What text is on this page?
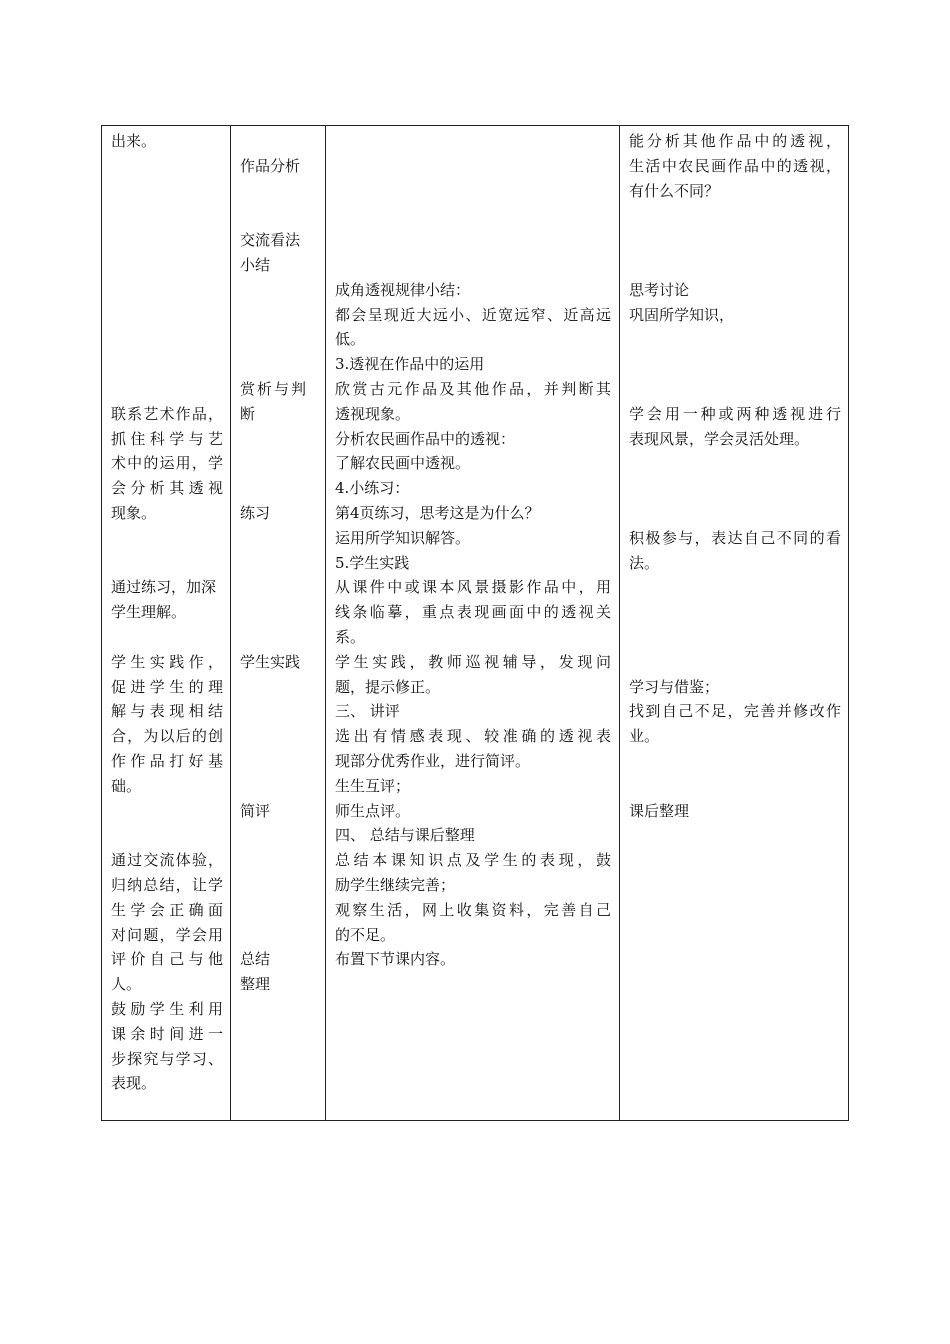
出来。
联系艺术作品，
抓住科学与艺
术中的运用，学
会分析其透视
现象。
通过练习，加深
学生理解。
学生实践作，
促进学生的理
解与表现相结
合，为以后的创
作作品打好基
础。
通过交流体验，
归纳总结，让学
生学会正确面
对问题，学会用
评价自己与他
人。
鼓励学生利用
课余时间进一
步探究与学习、
表现。
作品分析
交流看法
小结
赏析与判
断
练习
学生实践
简评
总结
整理
成角透视规律小结：
都会呈现近大远小、近宽远窄、近高远
低。
3.透视在作品中的运用
欣赏古元作品及其他作品，并判断其
透视现象。
分析农民画作品中的透视：
了解农民画中透视。
4.小练习：
第4页练习，思考这是为什么？
运用所学知识解答。
5.学生实践
从课件中或课本风景摄影作品中，用
线条临摹，重点表现画面中的透视关
系。
学生实践，教师巡视辅导，发现问
题，提示修正。
三、 讲评
选出有情感表现、较准确的透视表
现部分优秀作业，进行简评。
生生互评；
师生点评。
四、 总结与课后整理
总结本课知识点及学生的表现，鼓
励学生继续完善；
观察生活，网上收集资料，完善自己
的不足。
布置下节课内容。
能分析其他作品中的透视，
生活中农民画作品中的透视，
有什么不同？
思考讨论
巩固所学知识，
学会用一种或两种透视进行
表现风景，学会灵活处理。
积极参与，表达自己不同的看
法。
学习与借鉴；
找到自己不足，完善并修改作
业。
课后整理
